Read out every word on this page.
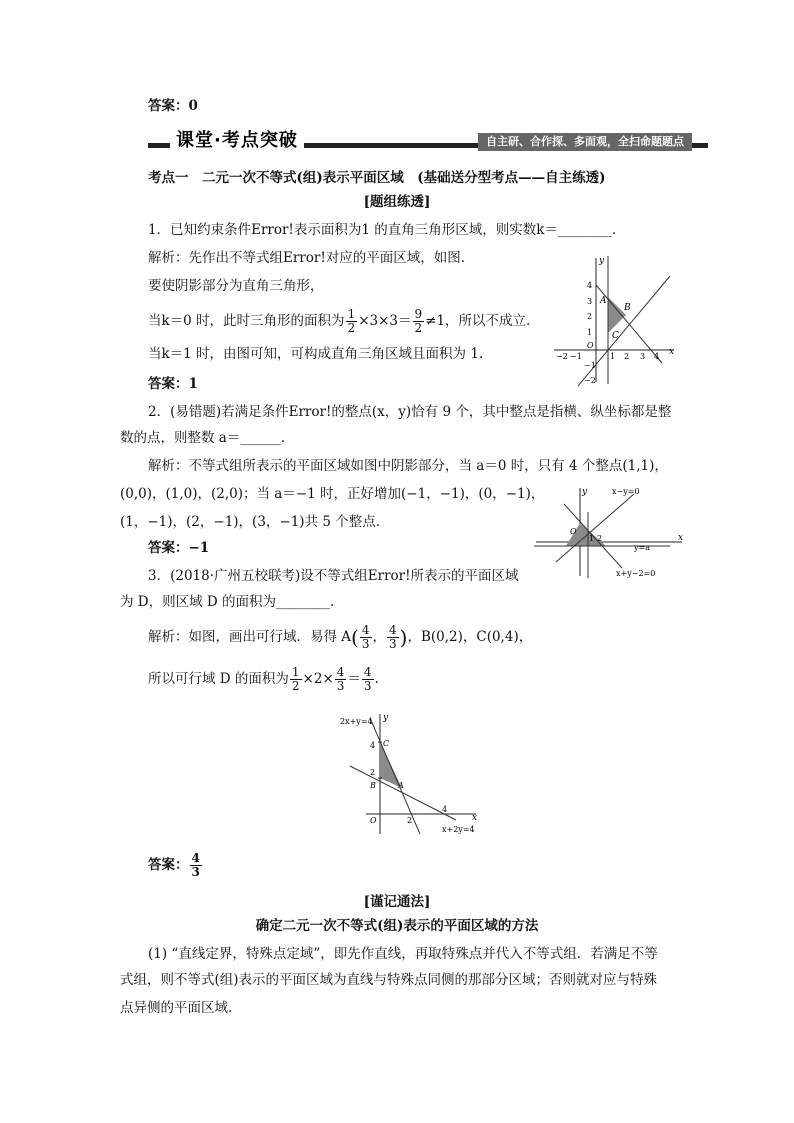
答案：0
课堂·考点突破	自主研、合作探、多面观，全扫命题题点
考点一　二元一次不等式(组)表示平面区域　(基础送分型考点——自主练透)
[题组练透]
1．已知约束条件Error!表示面积为1 的直角三角形区域，则实数k＝________.
解析：先作出不等式组Error!对应的平面区域，如图.
要使阴影部分为直角三角形，
当k＝0 时，此时三角形的面积为 $\frac{1}{2} \times 3\times 3= \frac{9}{2} \ne 1$，所以不成立.
当k＝1 时，由图可知，可构成直角三角区域且面积为 1.
答案：1
x
y
−2 −1
O
1 2 3 4
4
3
2
1
−1
−2
A
B
C
2．(易错题)若满足条件Error!的整点(x，y)恰有 9 个，其中整点是指横、纵坐标都是整
数的点，则整数 a＝______.
解析：不等式组所表示的平面区域如图中阴影部分，当 a＝0 时，只有 4 个整点(1,1)，
(0,0)，(1,0)，(2,0)；当 a＝−1 时，正好增加(−1，−1)，(0，−1)，
(1，−1)，(2，−1)，(3，−1)共 5 个整点.
答案：−1
y
x
O
1 2
x−y=0
y=a
x+y−2=0
3．(2018·广州五校联考)设不等式组Error!所表示的平面区域
为 D，则区域 D 的面积为________.
解析：如图，画出可行域．易得 $A( \frac{4}{3}$ ， $\frac{4}{3}$ )，B(0,2)，C(0,4)，
所以可行域 D 的面积为 $\frac{1}{2} \times 2\times \frac{4}{3} = \frac{4}{3}$ .
y
x
2x+y=4
x+2y=4
O
C
B	A
4
2
2
4
答案： $\frac{4}{3}$
[谨记通法]
确定二元一次不等式(组)表示的平面区域的方法
(1) “直线定界，特殊点定域”，即先作直线，再取特殊点并代入不等式组．若满足不等
式组，则不等式(组)表示的平面区域为直线与特殊点同侧的那部分区域；否则就对应与特殊
点异侧的平面区域．
